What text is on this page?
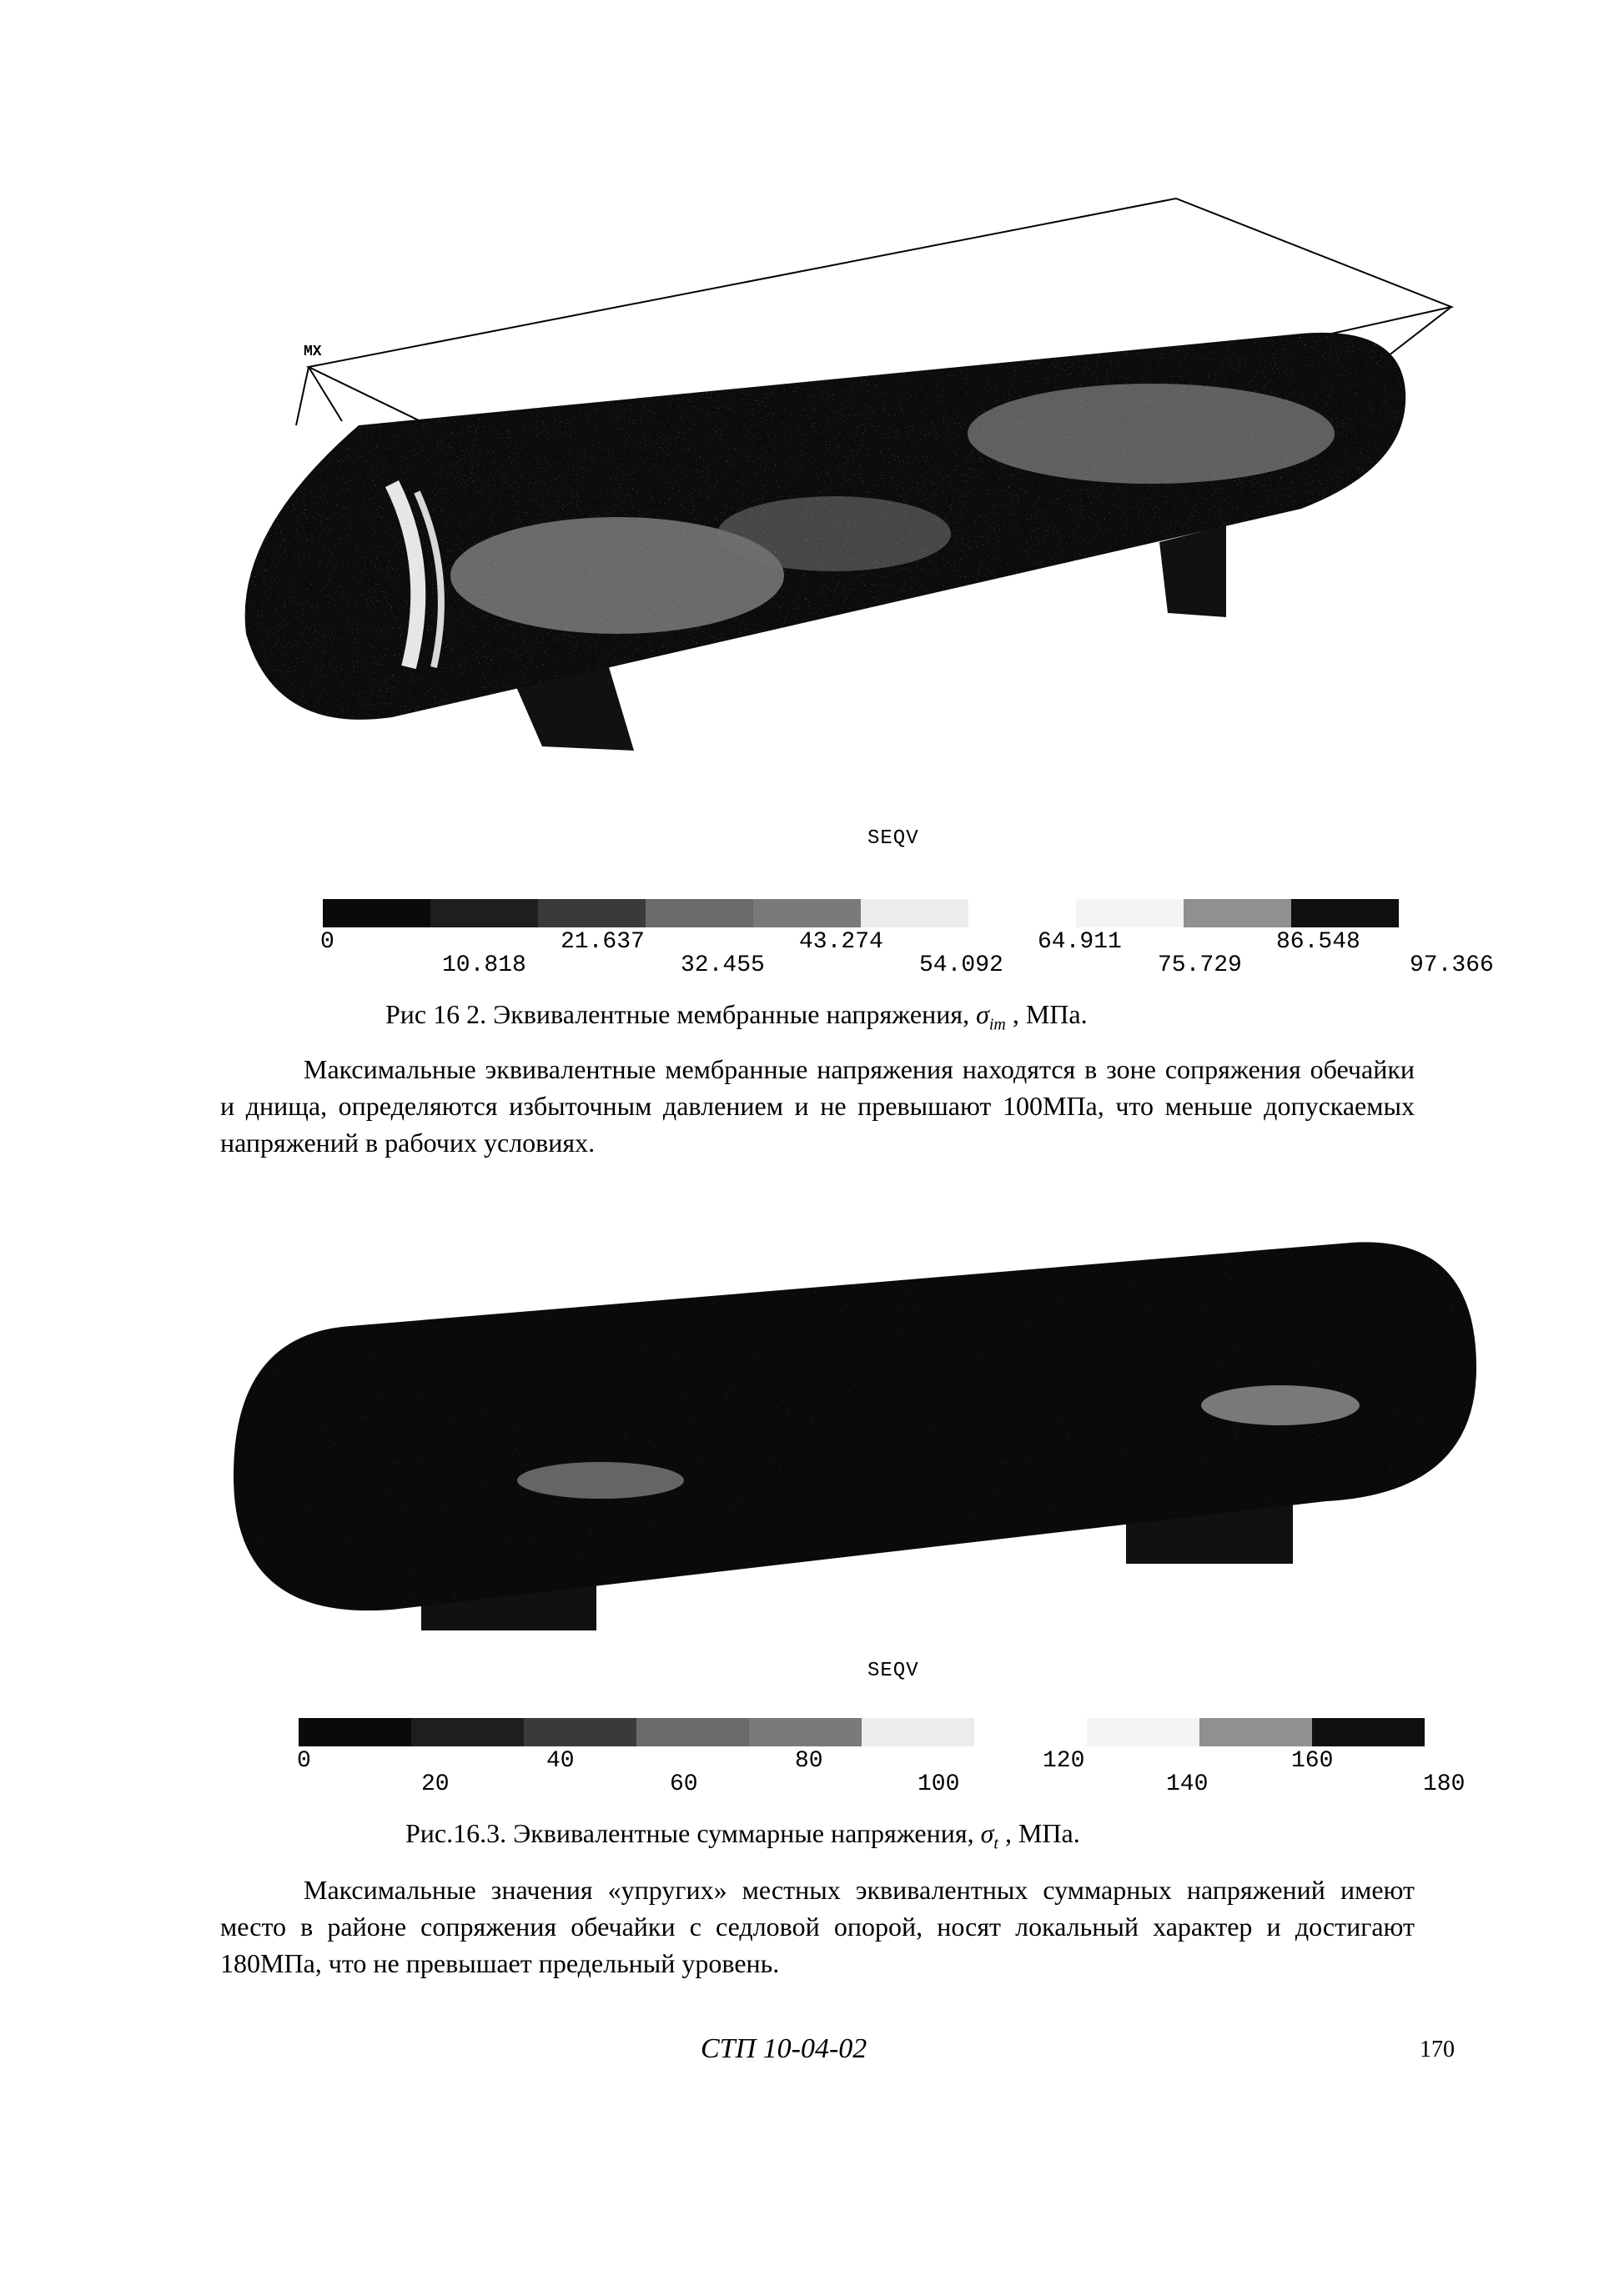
MX
SEQV
0	21.637	43.274	64.911	86.548
10.818	32.455	54.092	75.729	97.366
Рис 16 2. Эквивалентные мембранные напряжения, $\sigma_{im}$ , МПа.

Максимальные эквивалентные мембранные напряжения находятся в зоне сопряжения обечайки и днища, определяются избыточным давлением и не превышают 100МПа, что меньше допускаемых напряжений в рабочих условиях.

SEQV
0	40	80	120	160
20	60	100	140	180
Рис.16.3. Эквивалентные суммарные напряжения, $\sigma_t$ , МПа.

Максимальные значения «упругих» местных эквивалентных суммарных напряжений имеют место в районе сопряжения обечайки с седловой опорой, носят локальный характер и достигают 180МПа, что не превышает предельный уровень.

СТП 10-04-02	170
